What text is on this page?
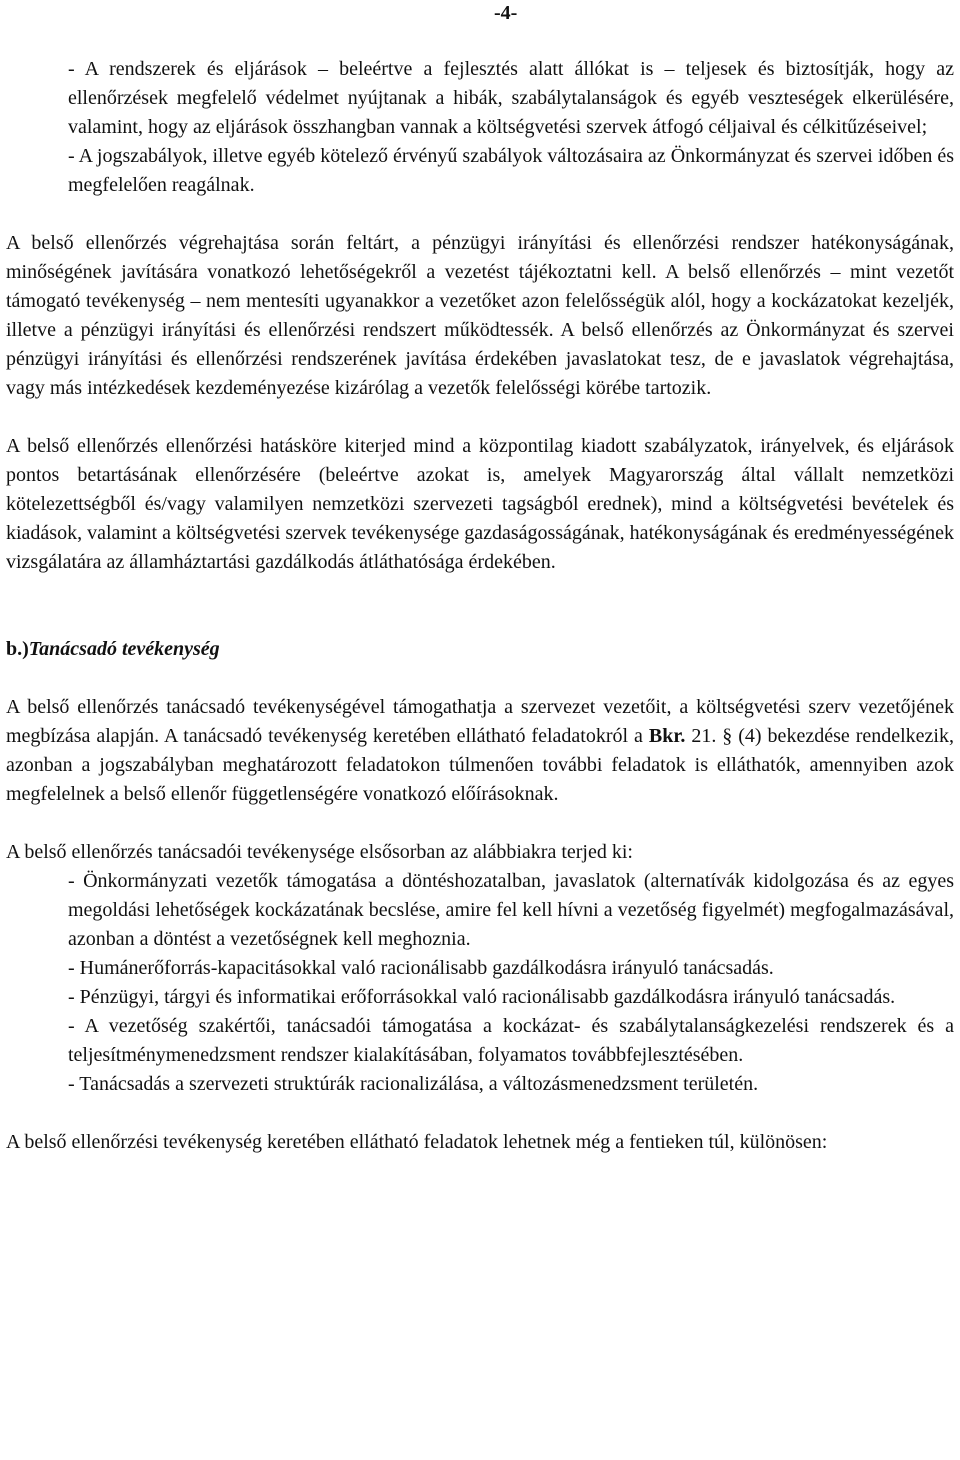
-4-

- A rendszerek és eljárások – beleértve a fejlesztés alatt állókat is – teljesek és biztosítják, hogy az ellenőrzések megfelelő védelmet nyújtanak a hibák, szabálytalanságok és egyéb veszteségek elkerülésére, valamint, hogy az eljárások összhangban vannak a költségvetési szervek átfogó céljaival és célkitűzéseivel;

- A jogszabályok, illetve egyéb kötelező érvényű szabályok változásaira az Önkormányzat és szervei időben és megfelelően reagálnak.

A belső ellenőrzés végrehajtása során feltárt, a pénzügyi irányítási és ellenőrzési rendszer hatékonyságának, minőségének javítására vonatkozó lehetőségekről a vezetést tájékoztatni kell. A belső ellenőrzés – mint vezetőt támogató tevékenység – nem mentesíti ugyanakkor a vezetőket azon felelősségük alól, hogy a kockázatokat kezeljék, illetve a pénzügyi irányítási és ellenőrzési rendszert működtessék. A belső ellenőrzés az Önkormányzat és szervei pénzügyi irányítási és ellenőrzési rendszerének javítása érdekében javaslatokat tesz, de e javaslatok végrehajtása, vagy más intézkedések kezdeményezése kizárólag a vezetők felelősségi körébe tartozik.

A belső ellenőrzés ellenőrzési hatásköre kiterjed mind a központilag kiadott szabályzatok, irányelvek, és eljárások pontos betartásának ellenőrzésére (beleértve azokat is, amelyek Magyarország által vállalt nemzetközi kötelezettségből és/vagy valamilyen nemzetközi szervezeti tagságból erednek), mind a költségvetési bevételek és kiadások, valamint a költségvetési szervek tevékenysége gazdaságosságának, hatékonyságának és eredményességének vizsgálatára az államháztartási gazdálkodás átláthatósága érdekében.

b.)Tanácsadó tevékenység

A belső ellenőrzés tanácsadó tevékenységével támogathatja a szervezet vezetőit, a költségvetési szerv vezetőjének megbízása alapján. A tanácsadó tevékenység keretében ellátható feladatokról a Bkr. 21. § (4) bekezdése rendelkezik, azonban a jogszabályban meghatározott feladatokon túlmenően további feladatok is elláthatók, amennyiben azok megfelelnek a belső ellenőr függetlenségére vonatkozó előírásoknak.

A belső ellenőrzés tanácsadói tevékenysége elsősorban az alábbiakra terjed ki:

- Önkormányzati vezetők támogatása a döntéshozatalban, javaslatok (alternatívák kidolgozása és az egyes megoldási lehetőségek kockázatának becslése, amire fel kell hívni a vezetőség figyelmét) megfogalmazásával, azonban a döntést a vezetőségnek kell meghoznia.

- Humánerőforrás-kapacitásokkal való racionálisabb gazdálkodásra irányuló tanácsadás.

- Pénzügyi, tárgyi és informatikai erőforrásokkal való racionálisabb gazdálkodásra irányuló tanácsadás.

- A vezetőség szakértői, tanácsadói támogatása a kockázat- és szabálytalanságkezelési rendszerek és a teljesítménymenedzsment rendszer kialakításában, folyamatos továbbfejlesztésében.

- Tanácsadás a szervezeti struktúrák racionalizálása, a változásmenedzsment területén.

A belső ellenőrzési tevékenység keretében ellátható feladatok lehetnek még a fentieken túl, különösen:
